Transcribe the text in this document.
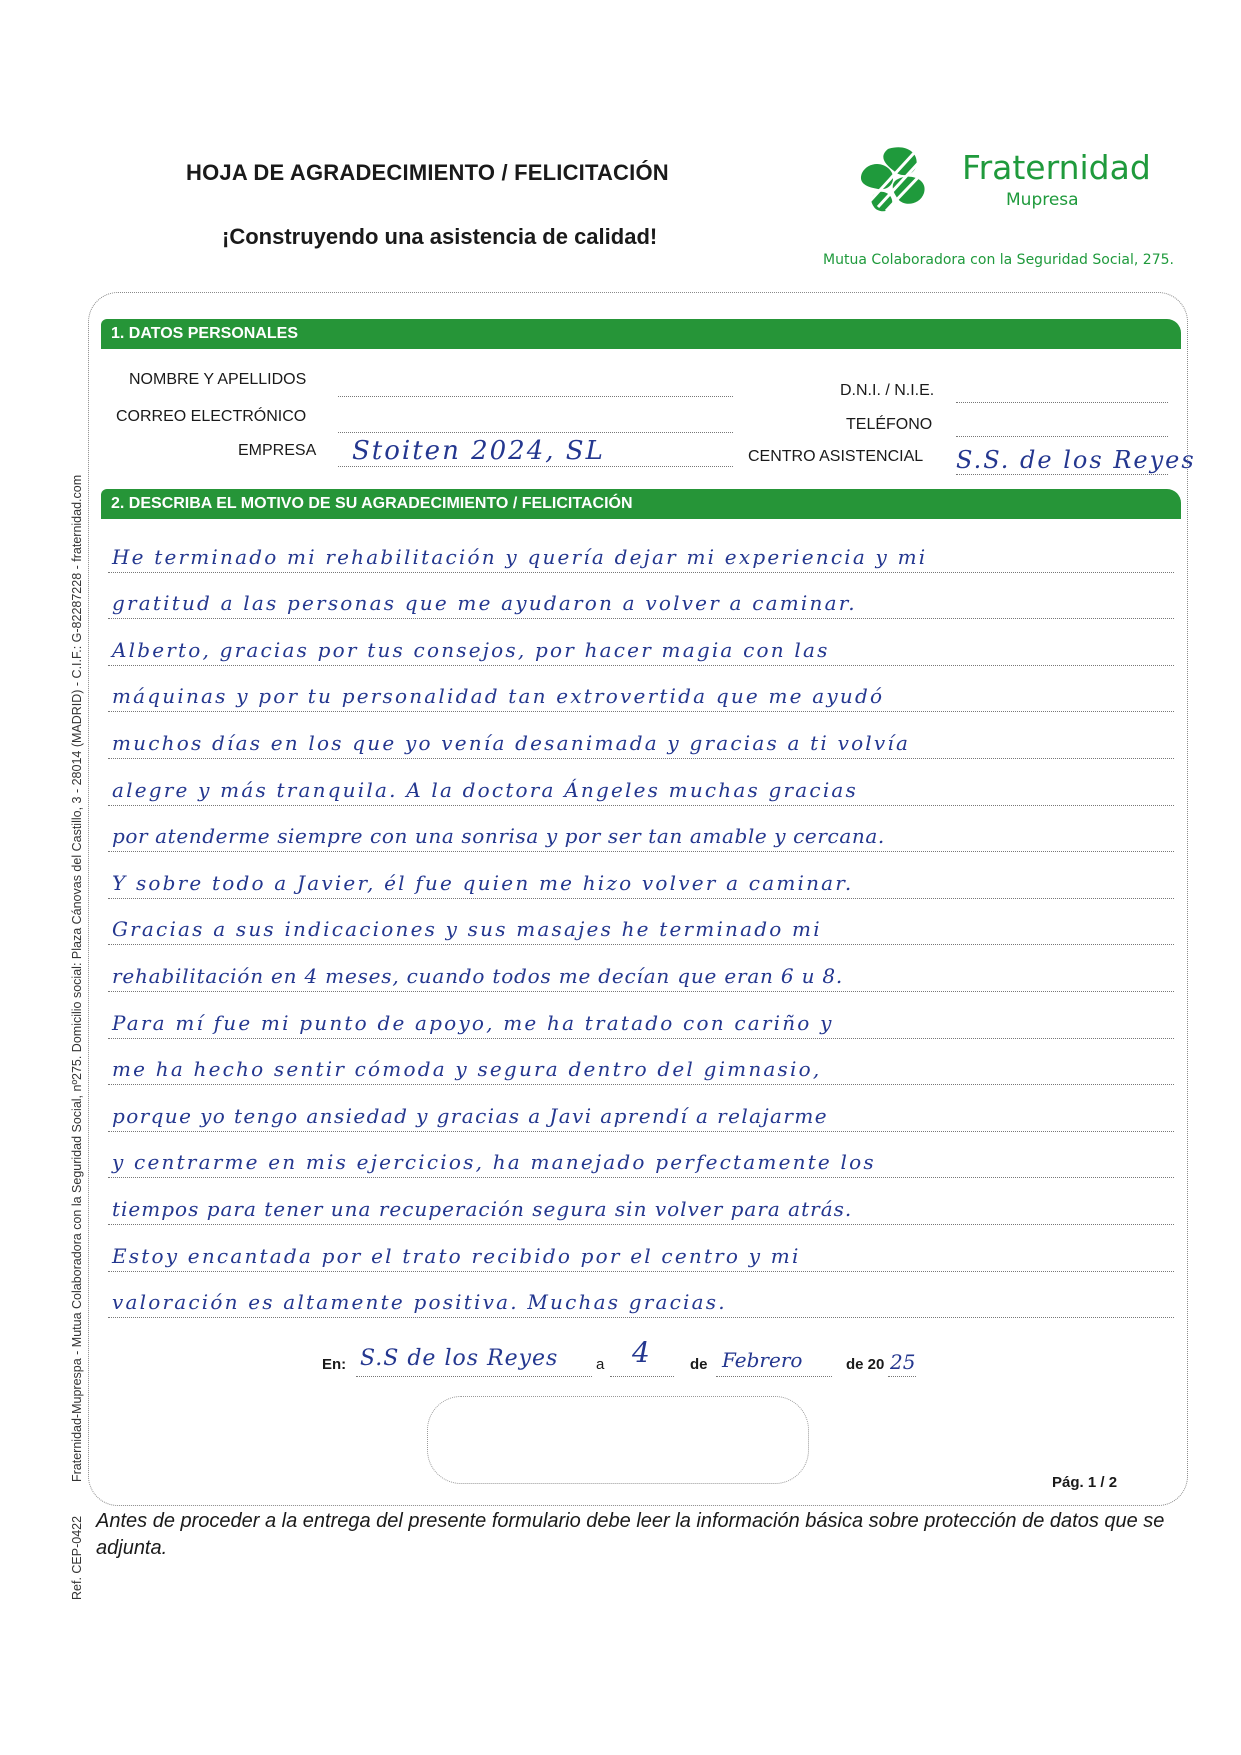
HOJA DE AGRADECIMIENTO / FELICITACIÓN
¡Construyendo una asistencia de calidad!
Fraternidad
Mupresa
Mutua Colaboradora con la Seguridad Social, 275.
1. DATOS PERSONALES
NOMBRE Y APELLIDOS
CORREO ELECTRÓNICO
EMPRESA Stoiten 2024, SL
D.N.I. / N.I.E.
TELÉFONO
CENTRO ASISTENCIAL S.S. de los Reyes
2. DESCRIBA EL MOTIVO DE SU AGRADECIMIENTO / FELICITACIÓN
He terminado mi rehabilitación y quería dejar mi experiencia y mi
gratitud a las personas que me ayudaron a volver a caminar.
Alberto, gracias por tus consejos, por hacer magia con las
máquinas y por tu personalidad tan extrovertida que me ayudó
muchos días en los que yo venía desanimada y gracias a ti volvía
alegre y más tranquila. A la doctora Ángeles muchas gracias
por atenderme siempre con una sonrisa y por ser tan amable y cercana.
Y sobre todo a Javier, él fue quien me hizo volver a caminar.
Gracias a sus indicaciones y sus masajes he terminado mi
rehabilitación en 4 meses, cuando todos me decían que eran 6 u 8.
Para mí fue mi punto de apoyo, me ha tratado con cariño y
me ha hecho sentir cómoda y segura dentro del gimnasio,
porque yo tengo ansiedad y gracias a Javi aprendí a relajarme
y centrarme en mis ejercicios, ha manejado perfectamente los
tiempos para tener una recuperación segura sin volver para atrás.
Estoy encantada por el trato recibido por el centro y mi
valoración es altamente positiva. Muchas gracias.
En: S.S de los Reyes	a 4	de Febrero	de 20 25
Pág. 1 / 2
Antes de proceder a la entrega del presente formulario debe leer la información básica sobre protección de datos que se adjunta.
Fraternidad-Muprespa - Mutua Colaboradora con la Seguridad Social, nº275. Domicilio social: Plaza Cánovas del Castillo, 3 - 28014 (MADRID) - C.I.F.: G-82287228 - fraternidad.com
Ref. CEP-0422
